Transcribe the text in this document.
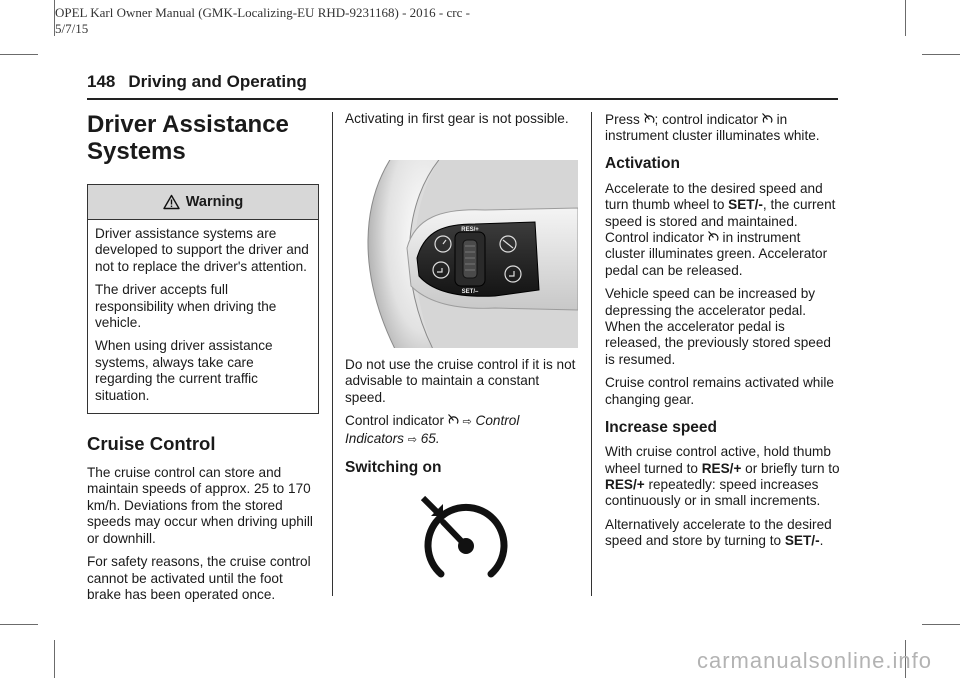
OPEL Karl Owner Manual (GMK-Localizing-EU RHD-9231168) - 2016 - crc -
5/7/15
148 Driving and Operating
Driver Assistance Systems
Warning

Driver assistance systems are developed to support the driver and not to replace the driver's attention.

The driver accepts full responsibility when driving the vehicle.

When using driver assistance systems, always take care regarding the current traffic situation.

Cruise Control

The cruise control can store and maintain speeds of approx. 25 to 170 km/h. Deviations from the stored speeds may occur when driving uphill or downhill.

For safety reasons, the cruise control cannot be activated until the foot brake has been operated once.

Activating in first gear is not possible.

RES/+
SET/–

Do not use the cruise control if it is not advisable to maintain a constant speed.

Control indicator  ⇨ Control Indicators ⇨ 65.

Switching on

Press ; control indicator  in instrument cluster illuminates white.

Activation

Accelerate to the desired speed and turn thumb wheel to SET/-, the current speed is stored and maintained. Control indicator  in instrument cluster illuminates green. Accelerator pedal can be released.

Vehicle speed can be increased by depressing the accelerator pedal. When the accelerator pedal is released, the previously stored speed is resumed.

Cruise control remains activated while changing gear.

Increase speed

With cruise control active, hold thumb wheel turned to RES/+ or briefly turn to RES/+ repeatedly: speed increases continuously or in small increments.

Alternatively accelerate to the desired speed and store by turning to SET/-.

carmanualsonline.info
